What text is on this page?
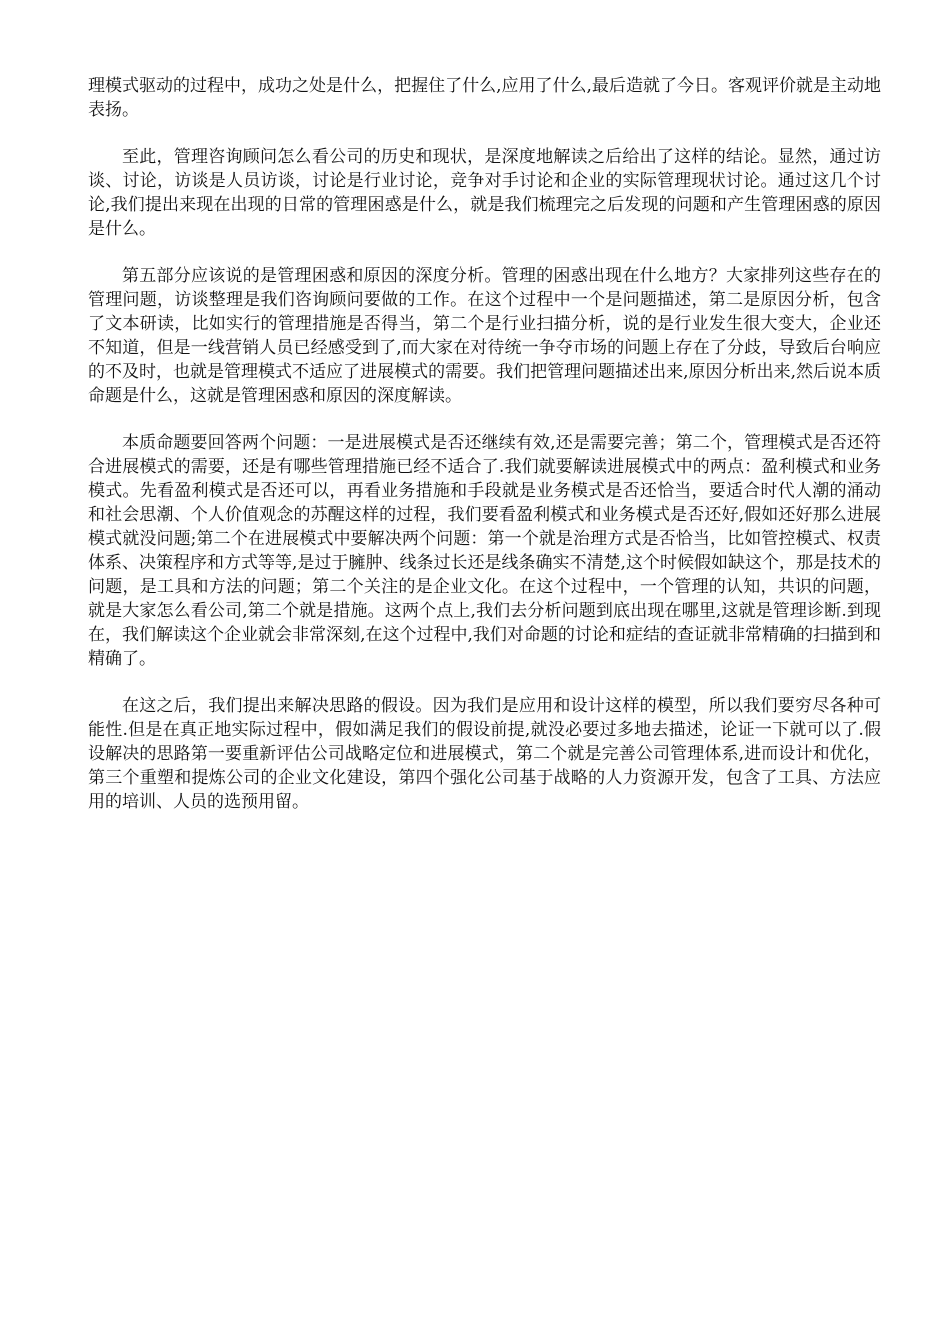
理模式驱动的过程中，成功之处是什么，把握住了什么,应用了什么,最后造就了今日。客观评价就是主动地表扬。

至此，管理咨询顾问怎么看公司的历史和现状，是深度地解读之后给出了这样的结论。显然，通过访谈、讨论，访谈是人员访谈，讨论是行业讨论，竞争对手讨论和企业的实际管理现状讨论。通过这几个讨论,我们提出来现在出现的日常的管理困惑是什么，就是我们梳理完之后发现的问题和产生管理困惑的原因是什么。

第五部分应该说的是管理困惑和原因的深度分析。管理的困惑出现在什么地方？大家排列这些存在的管理问题，访谈整理是我们咨询顾问要做的工作。在这个过程中一个是问题描述，第二是原因分析，包含了文本研读，比如实行的管理措施是否得当，第二个是行业扫描分析，说的是行业发生很大变大，企业还不知道，但是一线营销人员已经感受到了,而大家在对待统一争夺市场的问题上存在了分歧，导致后台响应的不及时，也就是管理模式不适应了进展模式的需要。我们把管理问题描述出来,原因分析出来,然后说本质命题是什么，这就是管理困惑和原因的深度解读。

本质命题要回答两个问题：一是进展模式是否还继续有效,还是需要完善；第二个，管理模式是否还符合进展模式的需要，还是有哪些管理措施已经不适合了.我们就要解读进展模式中的两点：盈利模式和业务模式。先看盈利模式是否还可以，再看业务措施和手段就是业务模式是否还恰当，要适合时代人潮的涌动和社会思潮、个人价值观念的苏醒这样的过程，我们要看盈利模式和业务模式是否还好,假如还好那么进展模式就没问题;第二个在进展模式中要解决两个问题：第一个就是治理方式是否恰当，比如管控模式、权责体系、决策程序和方式等等,是过于臃肿、线条过长还是线条确实不清楚,这个时候假如缺这个，那是技术的问题，是工具和方法的问题；第二个关注的是企业文化。在这个过程中，一个管理的认知，共识的问题，就是大家怎么看公司,第二个就是措施。这两个点上,我们去分析问题到底出现在哪里,这就是管理诊断.到现在，我们解读这个企业就会非常深刻,在这个过程中,我们对命题的讨论和症结的查证就非常精确的扫描到和精确了。

在这之后，我们提出来解决思路的假设。因为我们是应用和设计这样的模型，所以我们要穷尽各种可能性.但是在真正地实际过程中，假如满足我们的假设前提,就没必要过多地去描述，论证一下就可以了.假设解决的思路第一要重新评估公司战略定位和进展模式，第二个就是完善公司管理体系,进而设计和优化，第三个重塑和提炼公司的企业文化建设，第四个强化公司基于战略的人力资源开发，包含了工具、方法应用的培训、人员的选预用留。
